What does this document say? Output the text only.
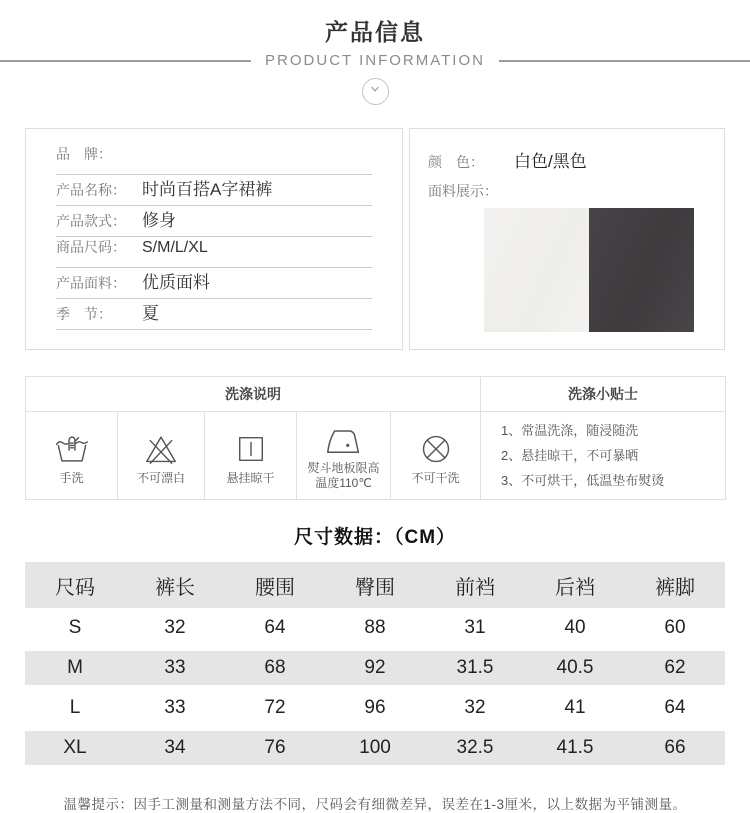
产品信息
PRODUCT INFORMATION
品　牌：
产品名称： 时尚百搭A字裙裤
产品款式： 修身
商品尺码：	S/M/L/XL
产品面料： 优质面料
季　节：	夏
颜　色：	白色/黑色
面料展示：
洗涤说明					洗涤小贴士

手洗	不可漂白	悬挂晾干

熨斗地板限高
温度110℃	不可干洗

1、常温洗涤，随浸随洗
2、悬挂晾干，不可暴晒
3、不可烘干，低温垫布熨烫
尺寸数据：（CM）
尺码	裤长	腰围	臀围	前裆	后裆	裤脚
S	32	64	88	31	40	60
M	33	68	92	31.5	40.5	62
L	33	72	96	32	41	64
XL	34	76	100	32.5	41.5	66
温馨提示：因手工测量和测量方法不同，尺码会有细微差异，误差在1-3厘米，以上数据为平铺测量。
